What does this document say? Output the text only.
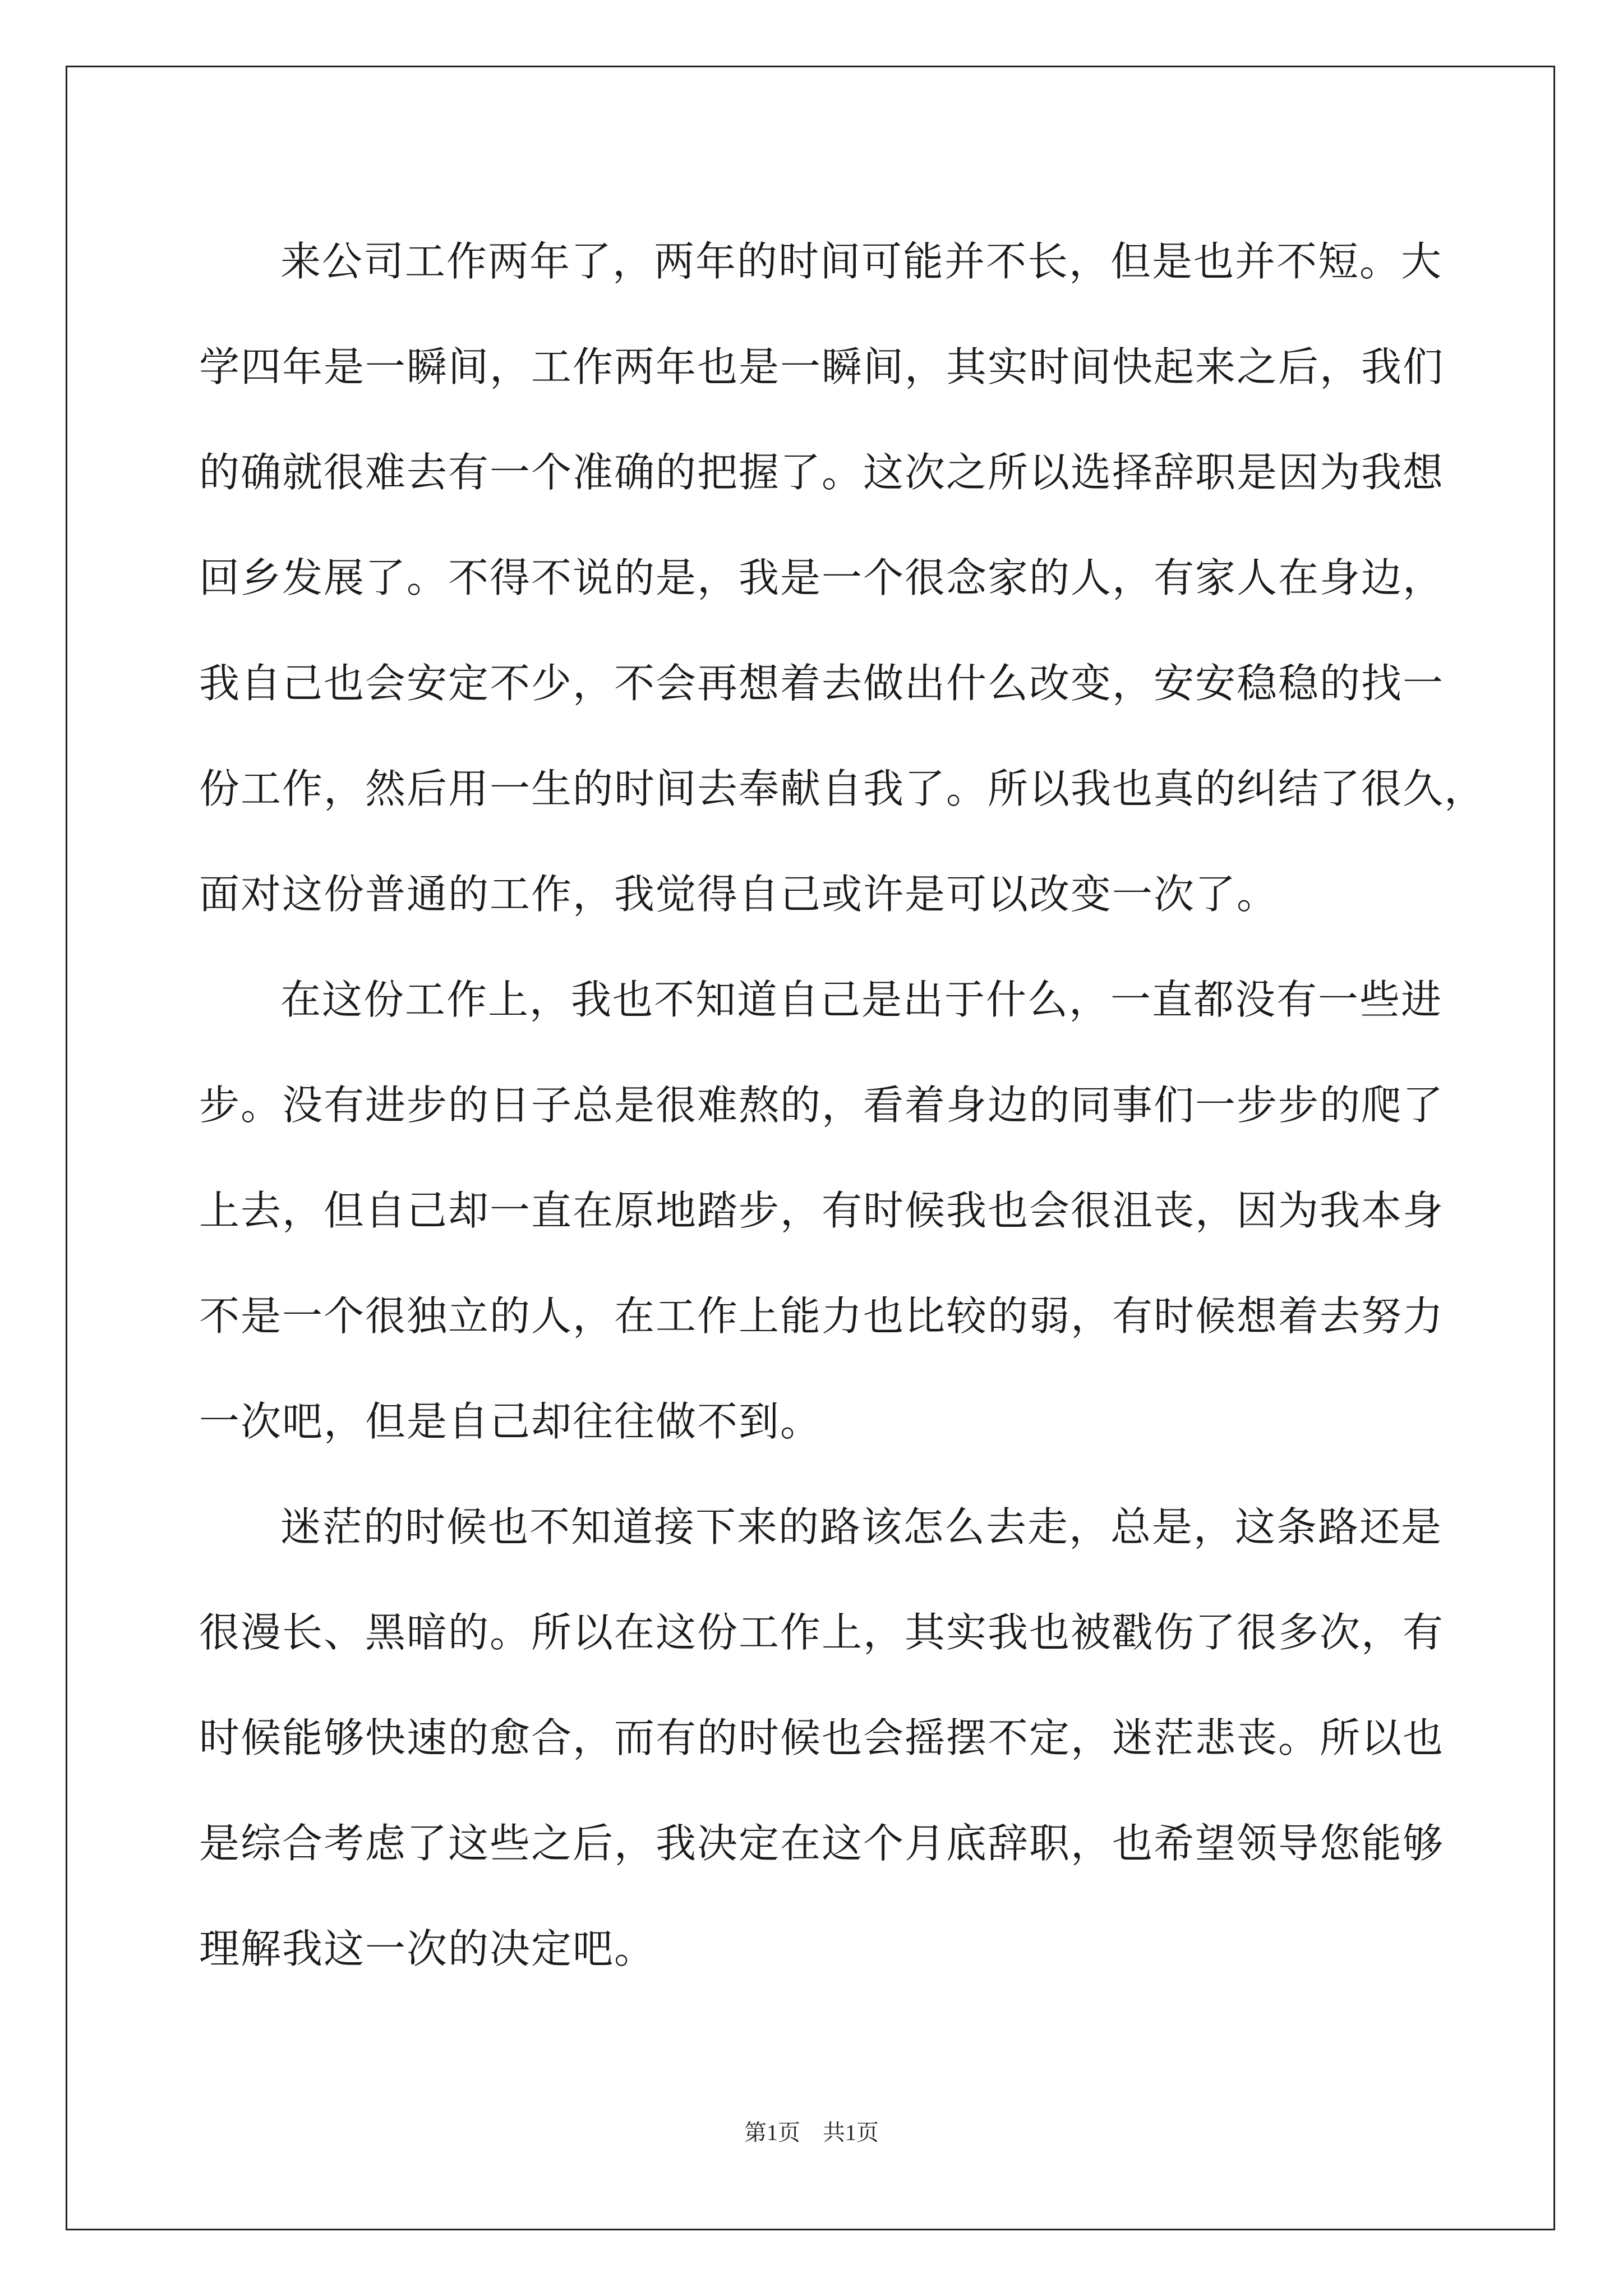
来公司工作两年了，两年的时间可能并不长，但是也并不短。大
学四年是一瞬间，工作两年也是一瞬间，其实时间快起来之后，我们
的确就很难去有一个准确的把握了。这次之所以选择辞职是因为我想
回乡发展了。不得不说的是，我是一个很念家的人，有家人在身边，
我自己也会安定不少，不会再想着去做出什么改变，安安稳稳的找一
份工作，然后用一生的时间去奉献自我了。所以我也真的纠结了很久，
面对这份普通的工作，我觉得自己或许是可以改变一次了。
在这份工作上，我也不知道自己是出于什么，一直都没有一些进
步。没有进步的日子总是很难熬的，看着身边的同事们一步步的爬了
上去，但自己却一直在原地踏步，有时候我也会很沮丧，因为我本身
不是一个很独立的人，在工作上能力也比较的弱，有时候想着去努力
一次吧，但是自己却往往做不到。
迷茫的时候也不知道接下来的路该怎么去走，总是，这条路还是
很漫长、黑暗的。所以在这份工作上，其实我也被戳伤了很多次，有
时候能够快速的愈合，而有的时候也会摇摆不定，迷茫悲丧。所以也
是综合考虑了这些之后，我决定在这个月底辞职，也希望领导您能够
理解我这一次的决定吧。
第1页　共1页
